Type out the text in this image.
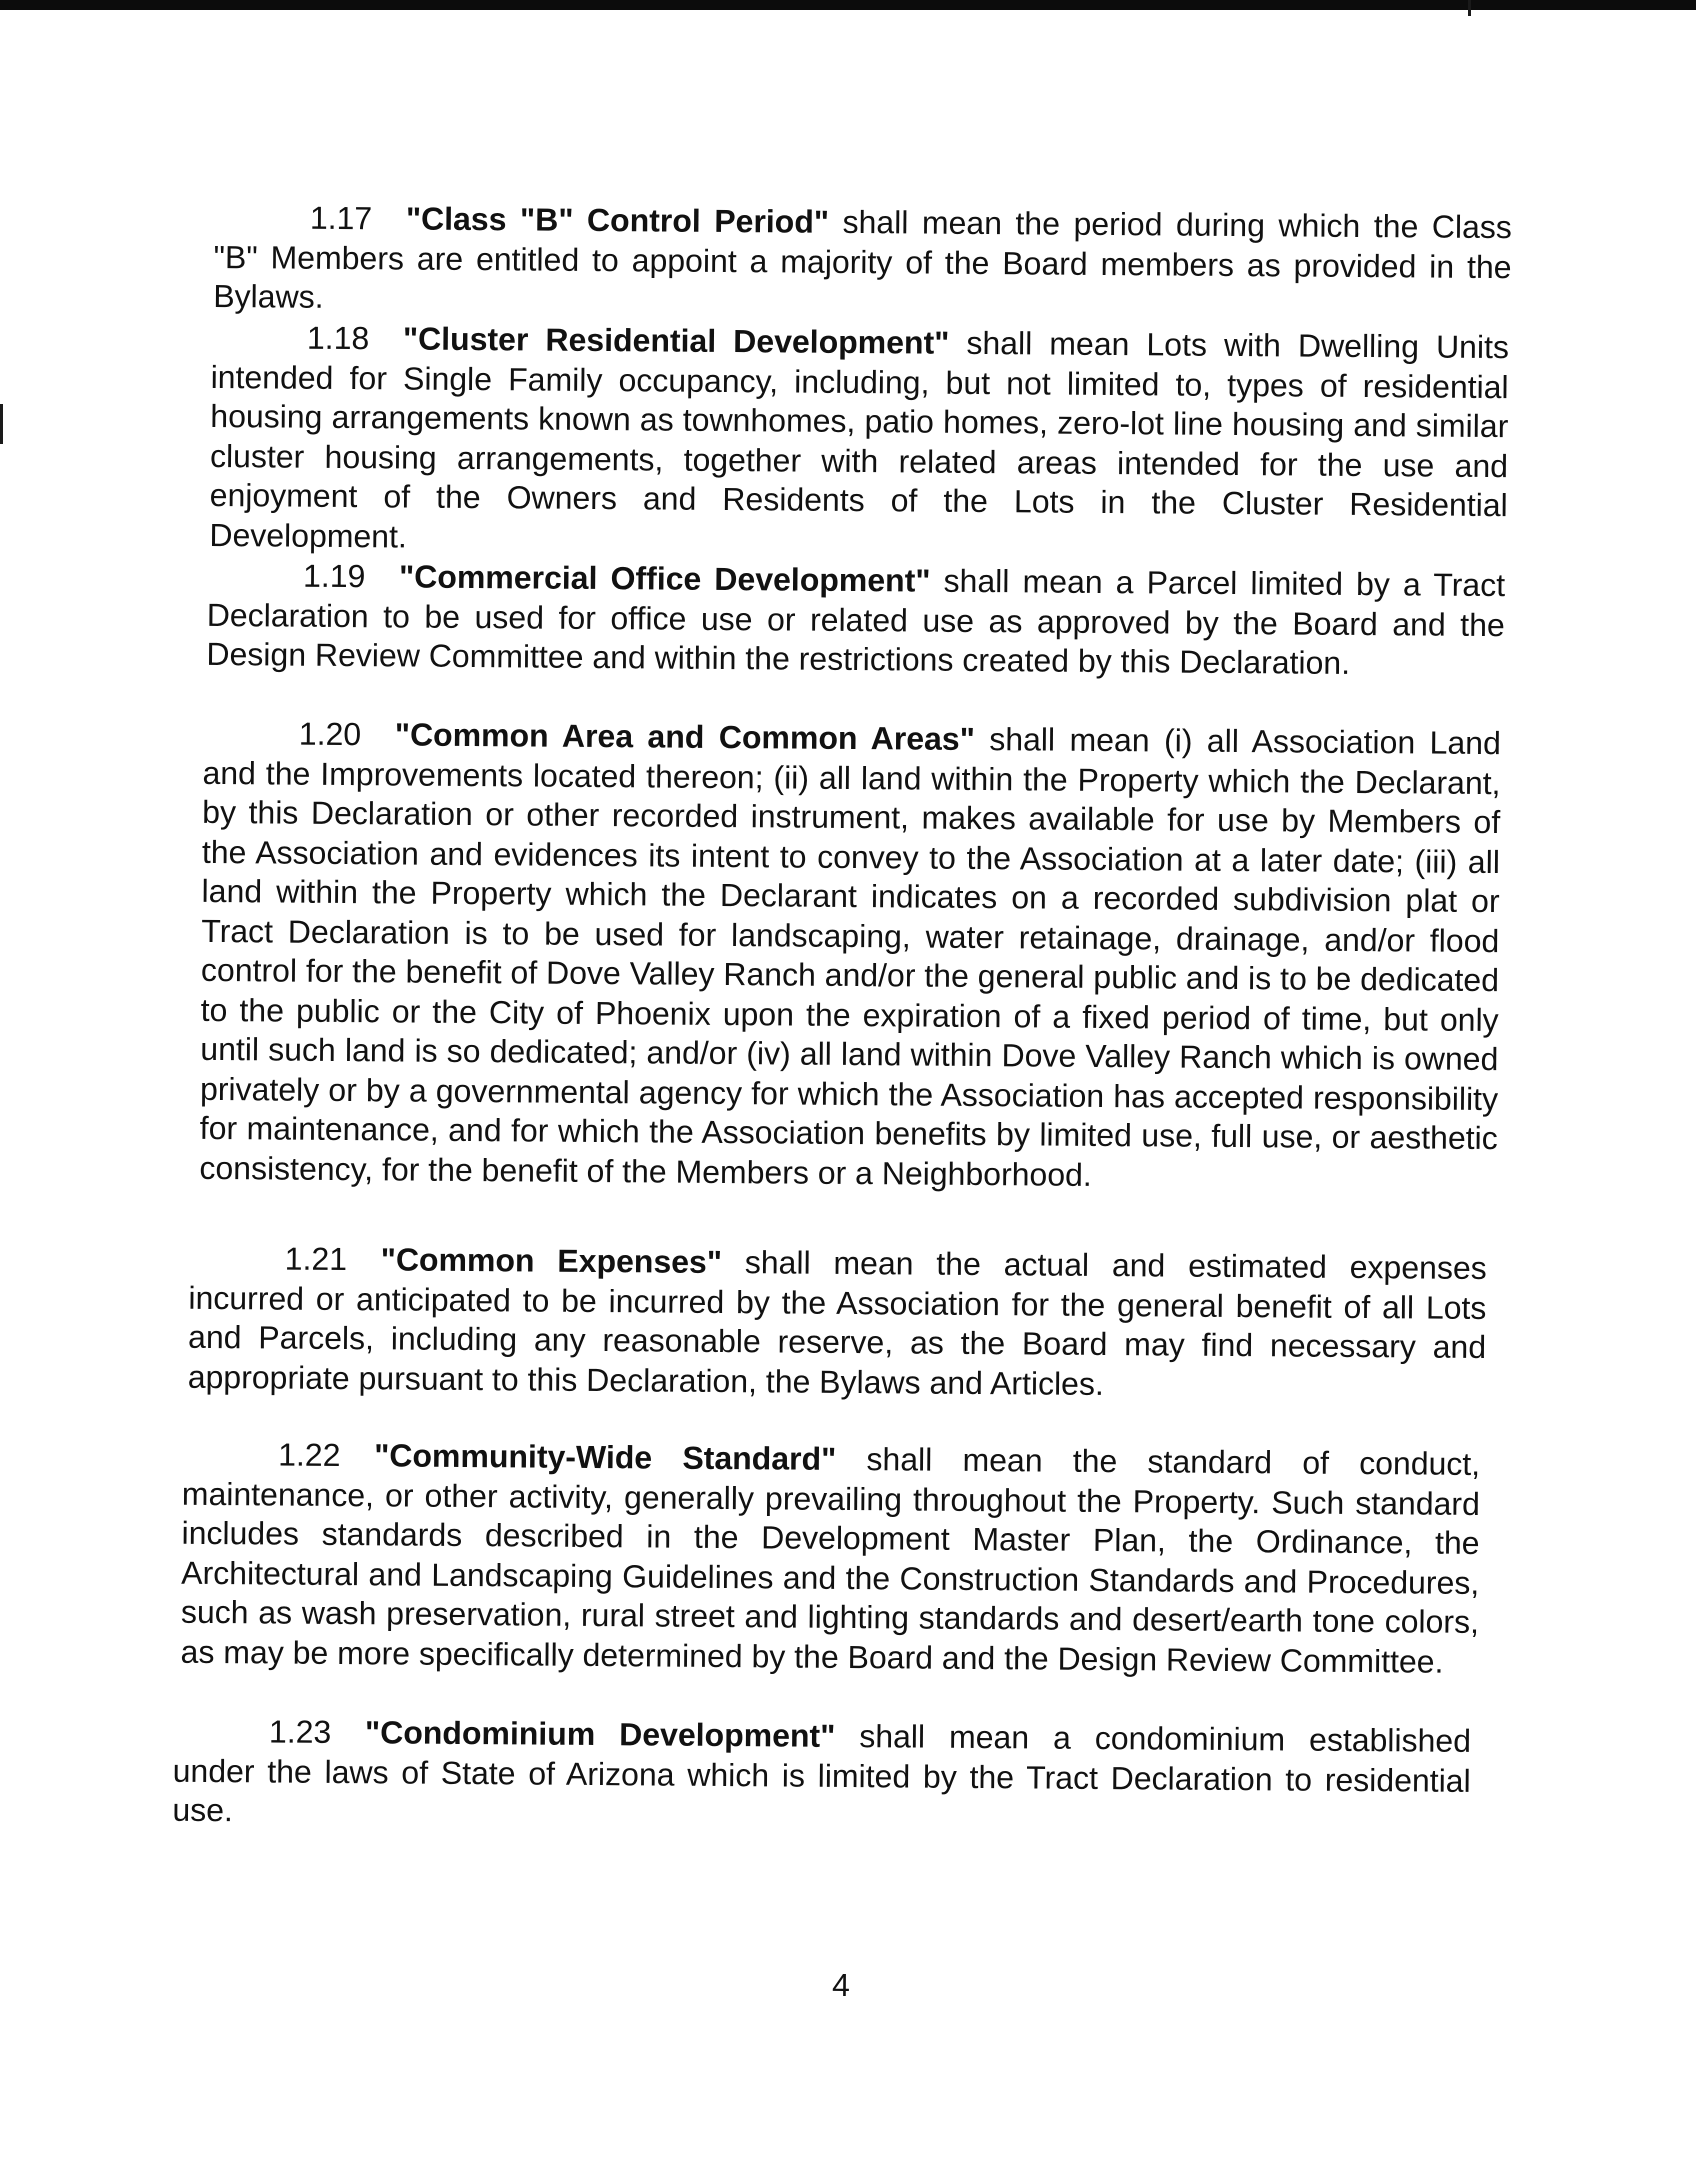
1.17 "Class "B" Control Period" shall mean the period during which the Class "B" Members are entitled to appoint a majority of the Board members as provided in the Bylaws.

1.18 "Cluster Residential Development" shall mean Lots with Dwelling Units intended for Single Family occupancy, including, but not limited to, types of residential housing arrangements known as townhomes, patio homes, zero-lot line housing and similar cluster housing arrangements, together with related areas intended for the use and enjoyment of the Owners and Residents of the Lots in the Cluster Residential Development.

1.19 "Commercial Office Development" shall mean a Parcel limited by a Tract Declaration to be used for office use or related use as approved by the Board and the Design Review Committee and within the restrictions created by this Declaration.

1.20 "Common Area and Common Areas" shall mean (i) all Association Land and the Improvements located thereon; (ii) all land within the Property which the Declarant, by this Declaration or other recorded instrument, makes available for use by Members of the Association and evidences its intent to convey to the Association at a later date; (iii) all land within the Property which the Declarant indicates on a recorded subdivision plat or Tract Declaration is to be used for landscaping, water retainage, drainage, and/or flood control for the benefit of Dove Valley Ranch and/or the general public and is to be dedicated to the public or the City of Phoenix upon the expiration of a fixed period of time, but only until such land is so dedicated; and/or (iv) all land within Dove Valley Ranch which is owned privately or by a governmental agency for which the Association has accepted responsibility for maintenance, and for which the Association benefits by limited use, full use, or aesthetic consistency, for the benefit of the Members or a Neighborhood.

1.21 "Common Expenses" shall mean the actual and estimated expenses incurred or anticipated to be incurred by the Association for the general benefit of all Lots and Parcels, including any reasonable reserve, as the Board may find necessary and appropriate pursuant to this Declaration, the Bylaws and Articles.

1.22 "Community-Wide Standard" shall mean the standard of conduct, maintenance, or other activity, generally prevailing throughout the Property. Such standard includes standards described in the Development Master Plan, the Ordinance, the Architectural and Landscaping Guidelines and the Construction Standards and Procedures, such as wash preservation, rural street and lighting standards and desert/earth tone colors, as may be more specifically determined by the Board and the Design Review Committee.

1.23 "Condominium Development" shall mean a condominium established under the laws of State of Arizona which is limited by the Tract Declaration to residential use.

4
